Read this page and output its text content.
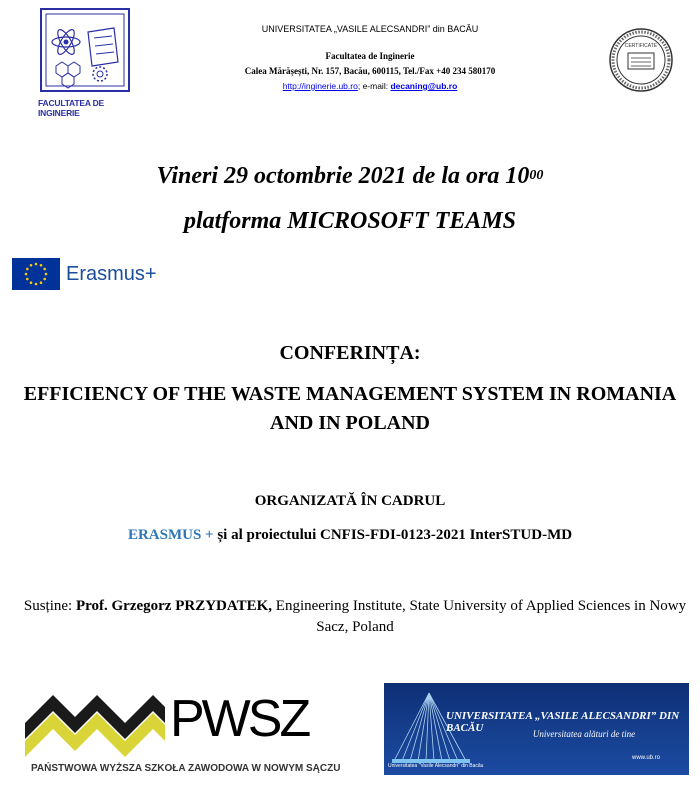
FACULTATEA DE INGINERIE
UNIVERSITATEA „VASILE ALECSANDRI” din BACĂU
Facultatea de Inginerie
Calea Mărășești, Nr. 157, Bacău, 600115, Tel./Fax +40 234 580170
http://inginerie.ub.ro; e-mail: decaning@ub.ro
CERTIFICATE
Vineri 29 octombrie 2021 de la ora $10^{00}$
platforma MICROSOFT TEAMS
Erasmus+
CONFERINȚA:
EFFICIENCY OF THE WASTE MANAGEMENT SYSTEM IN ROMANIA AND IN POLAND
ORGANIZATĂ ÎN CADRUL
ERASMUS + și al proiectului CNFIS-FDI-0123-2021 InterSTUD-MD
Susține: Prof. Grzegorz PRZYDATEK, Engineering Institute, State University of Applied Sciences in Nowy Sacz, Poland
PWSZ
PAŃSTWOWA WYŻSZA SZKOŁA ZAWODOWA W NOWYM SĄCZU
UNIVERSITATEA „VASILE ALECSANDRI” DIN BACĂU	Universitatea alături de tine
www.ub.ro
Universitatea "Vasile Alecsandri" din Bacău
